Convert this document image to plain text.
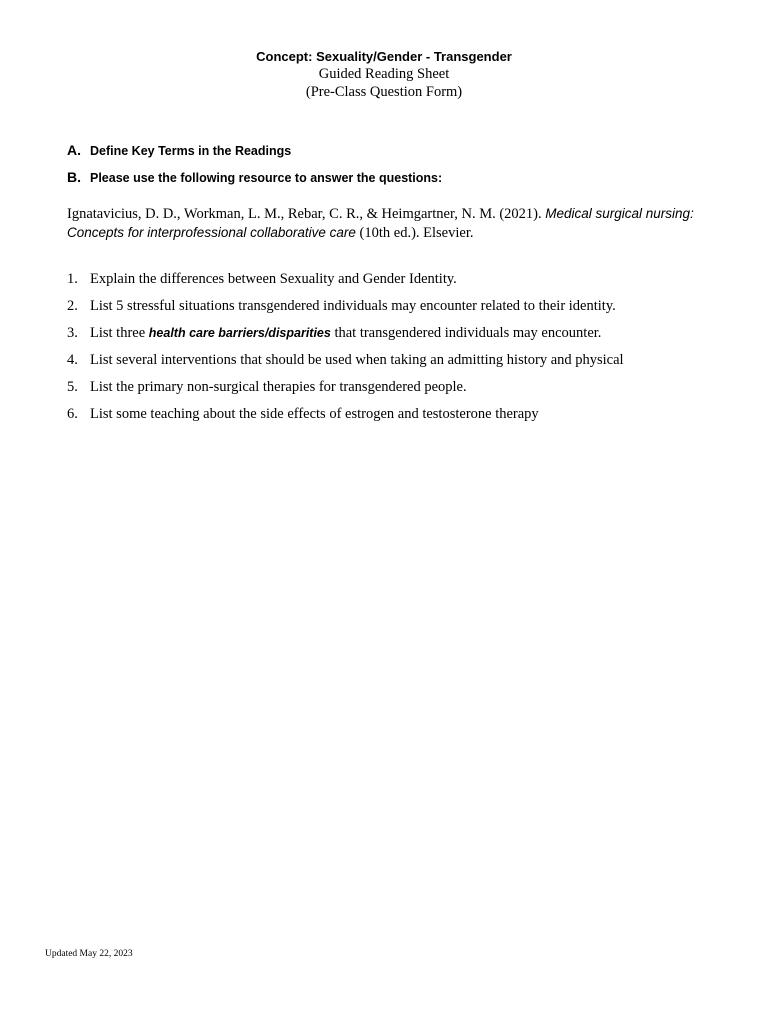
Concept: Sexuality/Gender - Transgender
Guided Reading Sheet
(Pre-Class Question Form)
A. Define Key Terms in the Readings
B. Please use the following resource to answer the questions:
Ignatavicius, D. D., Workman, L. M., Rebar, C. R., & Heimgartner, N. M. (2021). Medical surgical nursing: Concepts for interprofessional collaborative care (10th ed.). Elsevier.
1. Explain the differences between Sexuality and Gender Identity.
2. List 5 stressful situations transgendered individuals may encounter related to their identity.
3. List three health care barriers/disparities that transgendered individuals may encounter.
4. List several interventions that should be used when taking an admitting history and physical
5. List the primary non-surgical therapies for transgendered people.
6. List some teaching about the side effects of estrogen and testosterone therapy
Updated May 22, 2023
